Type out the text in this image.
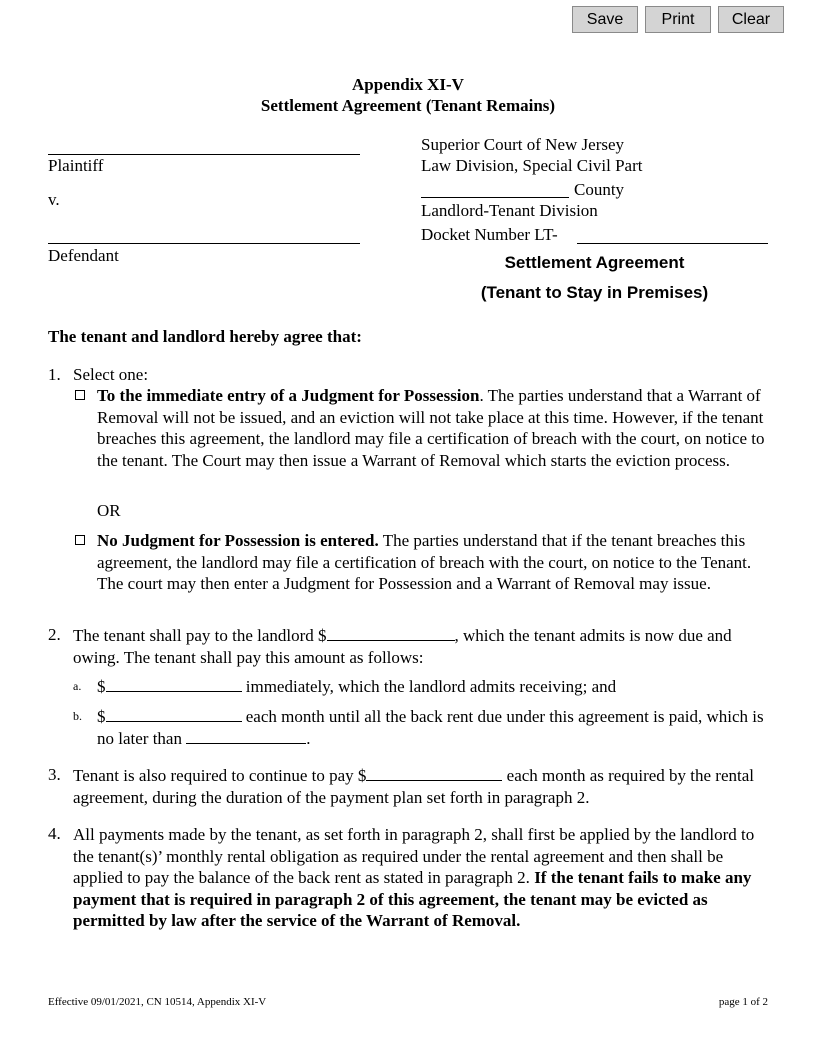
Save	Print	Clear
Appendix XI-V
Settlement Agreement (Tenant Remains)
Plaintiff
v.
Defendant
Superior Court of New Jersey
Law Division, Special Civil Part
County
Landlord-Tenant Division
Docket Number LT-
Settlement Agreement
(Tenant to Stay in Premises)
The tenant and landlord hereby agree that:
1. Select one:
To the immediate entry of a Judgment for Possession. The parties understand that a Warrant of Removal will not be issued, and an eviction will not take place at this time. However, if the tenant breaches this agreement, the landlord may file a certification of breach with the court, on notice to the tenant. The Court may then issue a Warrant of Removal which starts the eviction process.
OR
No Judgment for Possession is entered. The parties understand that if the tenant breaches this agreement, the landlord may file a certification of breach with the court, on notice to the Tenant. The court may then enter a Judgment for Possession and a Warrant of Removal may issue.
2. The tenant shall pay to the landlord $	, which the tenant admits is now due and owing. The tenant shall pay this amount as follows:
a. $	immediately, which the landlord admits receiving; and
b. $	each month until all the back rent due under this agreement is paid, which is no later than	.
3. Tenant is also required to continue to pay $	each month as required by the rental agreement, during the duration of the payment plan set forth in paragraph 2.
4. All payments made by the tenant, as set forth in paragraph 2, shall first be applied by the landlord to the tenant(s)’ monthly rental obligation as required under the rental agreement and then shall be applied to pay the balance of the back rent as stated in paragraph 2. If the tenant fails to make any payment that is required in paragraph 2 of this agreement, the tenant may be evicted as permitted by law after the service of the Warrant of Removal.
Effective 09/01/2021, CN 10514, Appendix XI-V	page 1 of 2
